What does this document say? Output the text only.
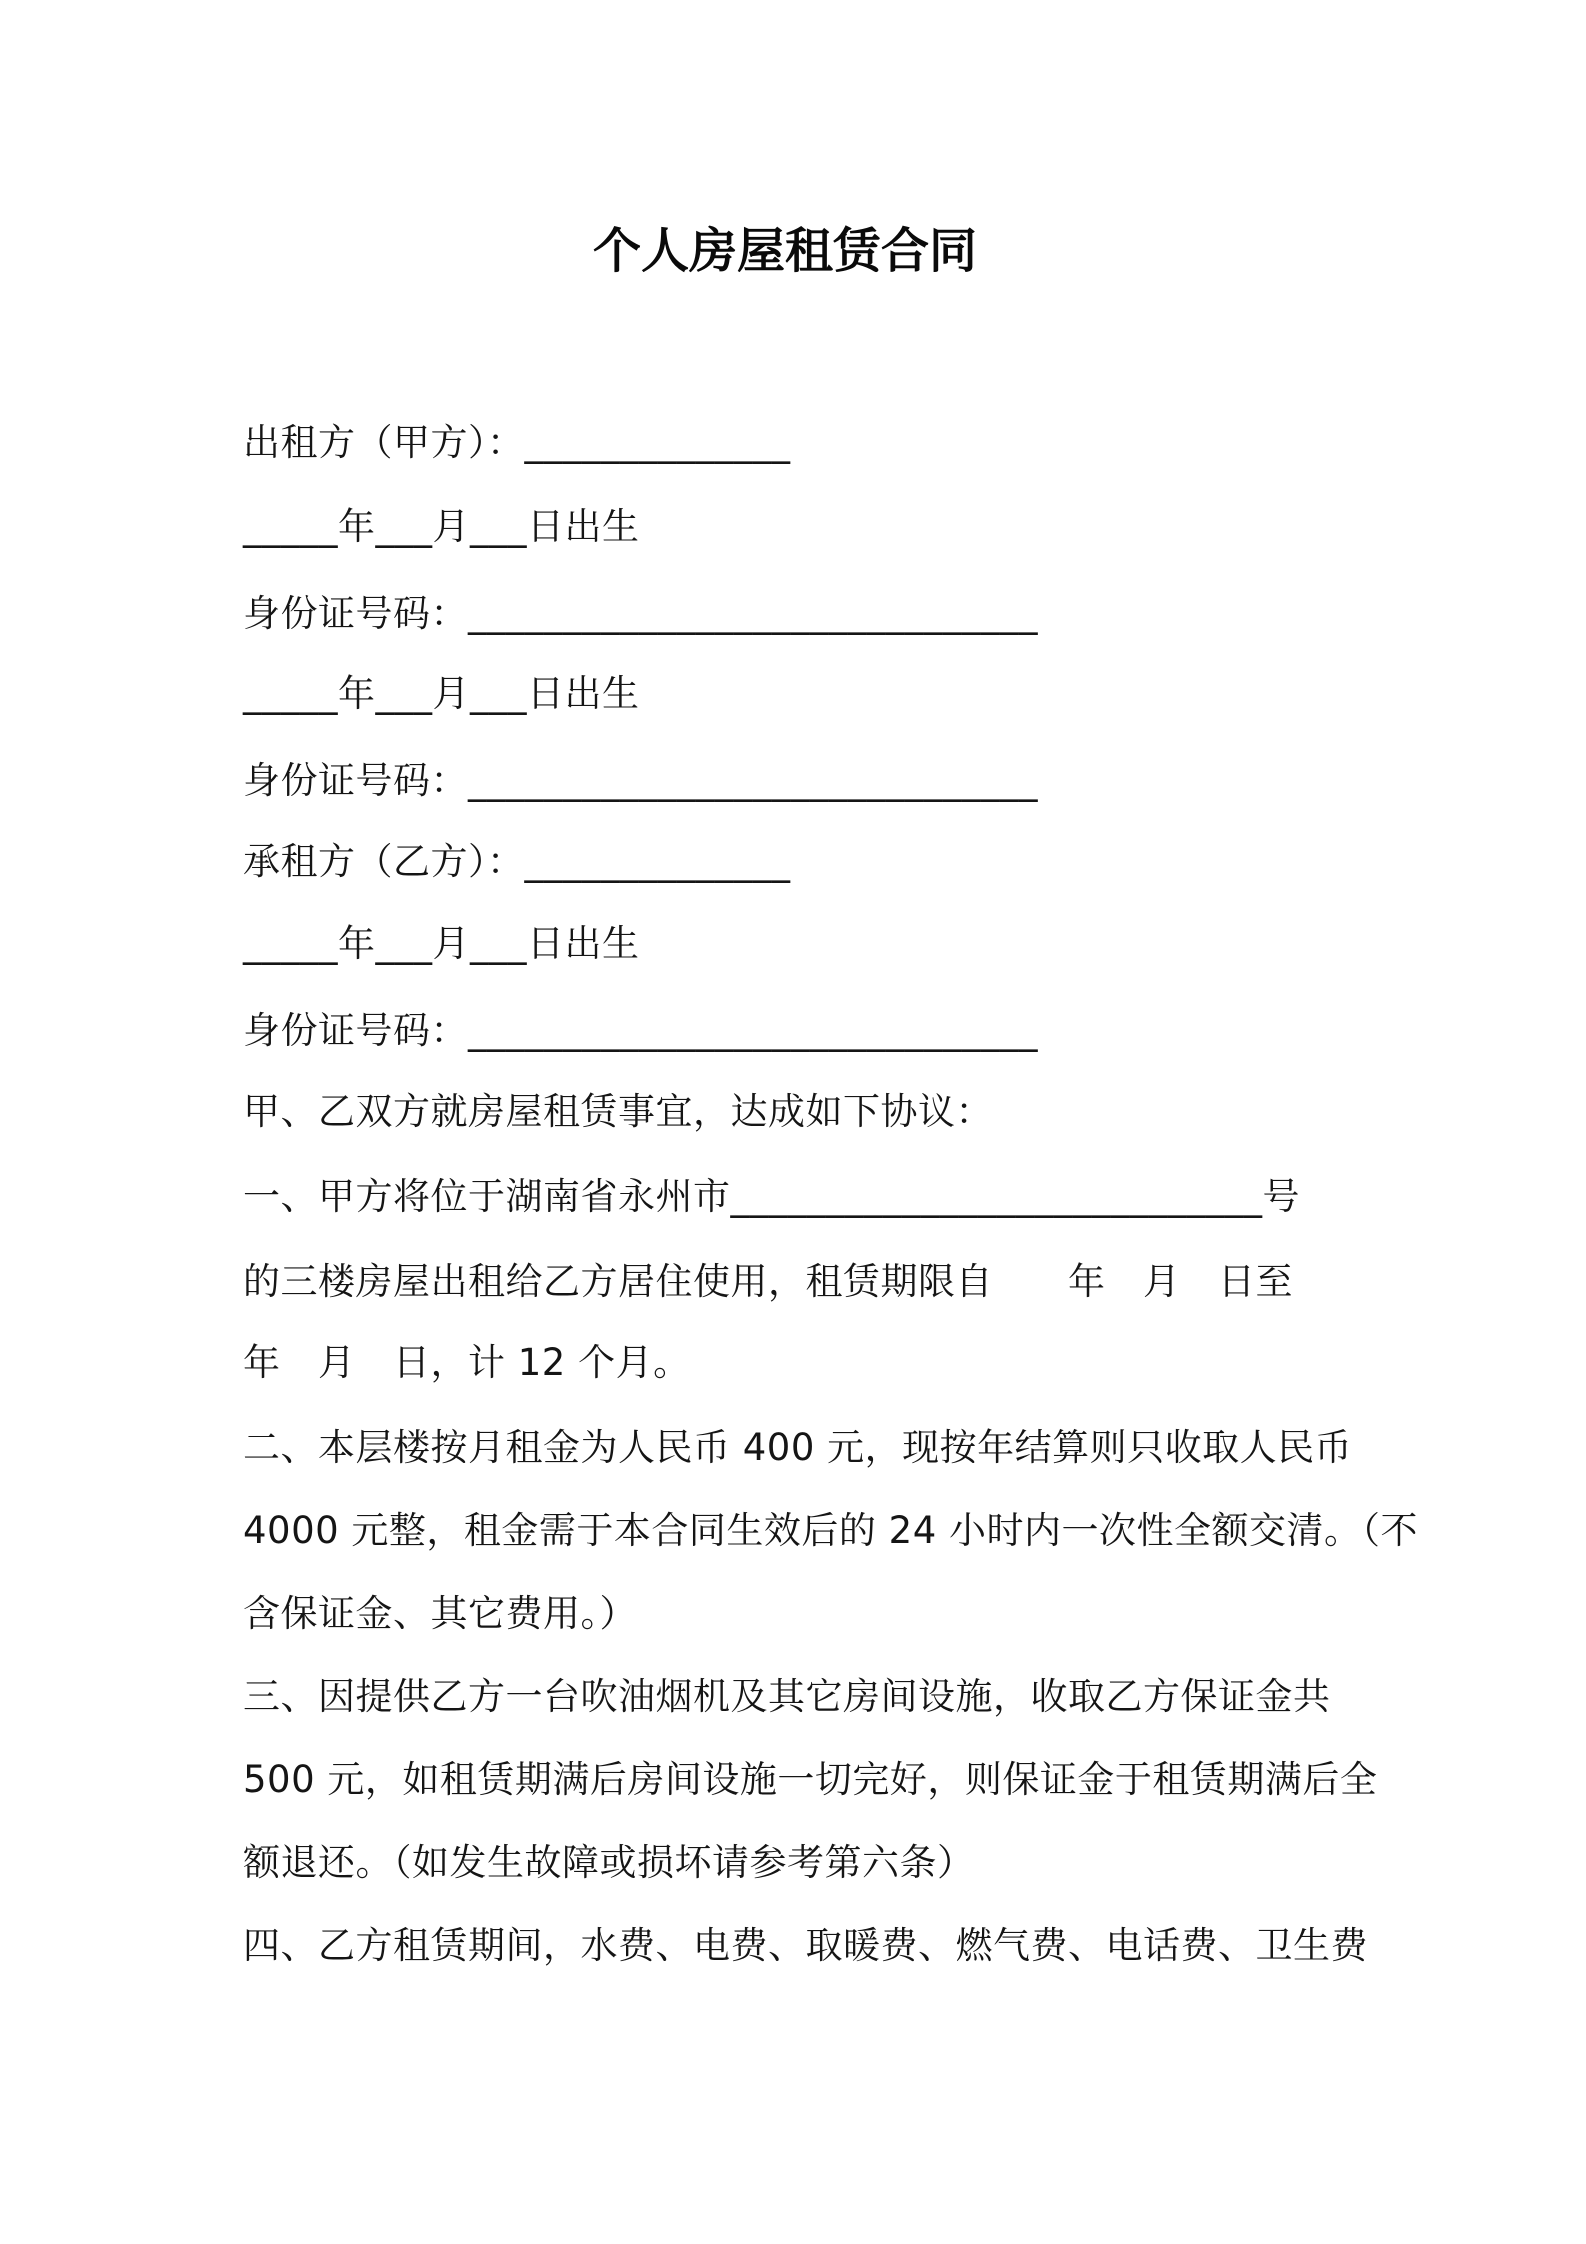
个人房屋租赁合同
出租方（甲方）：______________
_____年___月___日出生
身份证号码：______________________________
_____年___月___日出生
身份证号码：______________________________
承租方（乙方）：______________
_____年___月___日出生
身份证号码：______________________________
甲、乙双方就房屋租赁事宜，达成如下协议：
一、甲方将位于湖南省永州市____________________________号
的三楼房屋出租给乙方居住使用，租赁期限自　　年　月　日至
年　月　日，计 12 个月。
二、本层楼按月租金为人民币 400 元，现按年结算则只收取人民币
4000 元整，租金需于本合同生效后的 24 小时内一次性全额交清。（不
含保证金、其它费用。）
三、因提供乙方一台吹油烟机及其它房间设施，收取乙方保证金共
500 元，如租赁期满后房间设施一切完好，则保证金于租赁期满后全
额退还。（如发生故障或损坏请参考第六条）
四、乙方租赁期间，水费、电费、取暖费、燃气费、电话费、卫生费
